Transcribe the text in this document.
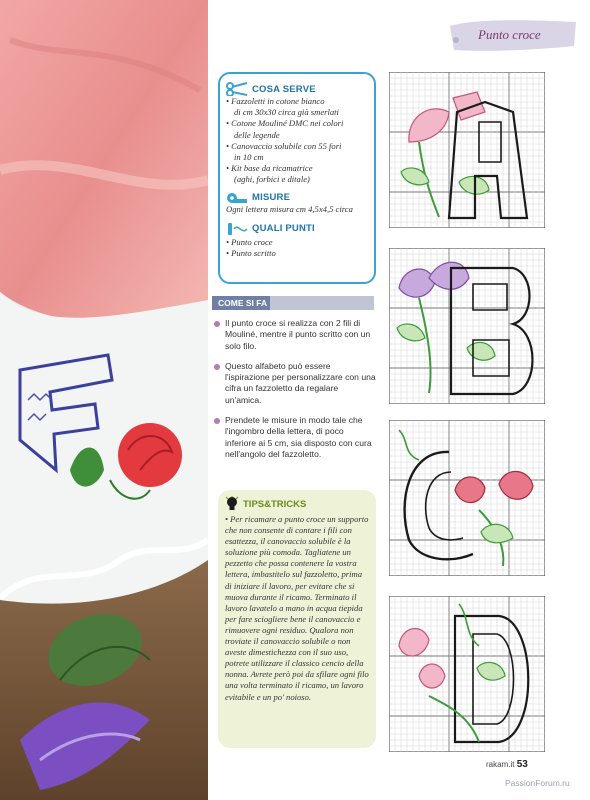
Punto croce
COSA SERVE
• Fazzoletti in cotone bianco
di cm 30x30 circa già smerlati
• Cotone Mouliné DMC nei colori
delle legende
• Canovaccio solubile con 55 fori
in 10 cm
• Kit base da ricamatrice
(aghi, forbici e ditale)
MISURE
Ogni lettera misura cm 4,5x4,5 circa
QUALI PUNTI
• Punto croce
• Punto scritto
COME SI FA

Il punto croce si realizza con 2 fili di Mouliné, mentre il punto scritto con un solo filo.

Questo alfabeto può essere l'ispirazione per personalizzare con una cifra un fazzoletto da regalare un'amica.

Prendete le misure in modo tale che l'ingombro della lettera, di poco inferiore ai 5 cm, sia disposto con cura nell'angolo del fazzoletto.

TIPS&TRICKS

• Per ricamare a punto croce un supporto che non consente di contare i fili con esattezza, il canovaccio solubile è la soluzione più comoda. Tagliatene un pezzetto che possa contenere la vostra lettera, imbastitelo sul fazzoletto, prima di iniziare il lavoro, per evitare che si muova durante il ricamo. Terminato il lavoro lavatelo a mano in acqua tiepida per fare sciogliere bene il canovaccio e rimuovere ogni residuo. Qualora non troviate il canovaccio solubile o non aveste dimestichezza con il suo uso, potrete utilizzare il classico cencio della nonna. Avrete però poi da sfilare ogni filo una volta terminato il ricamo, un lavoro evitabile e un po' noioso.

rakam.it 53
PassionForum.ru
